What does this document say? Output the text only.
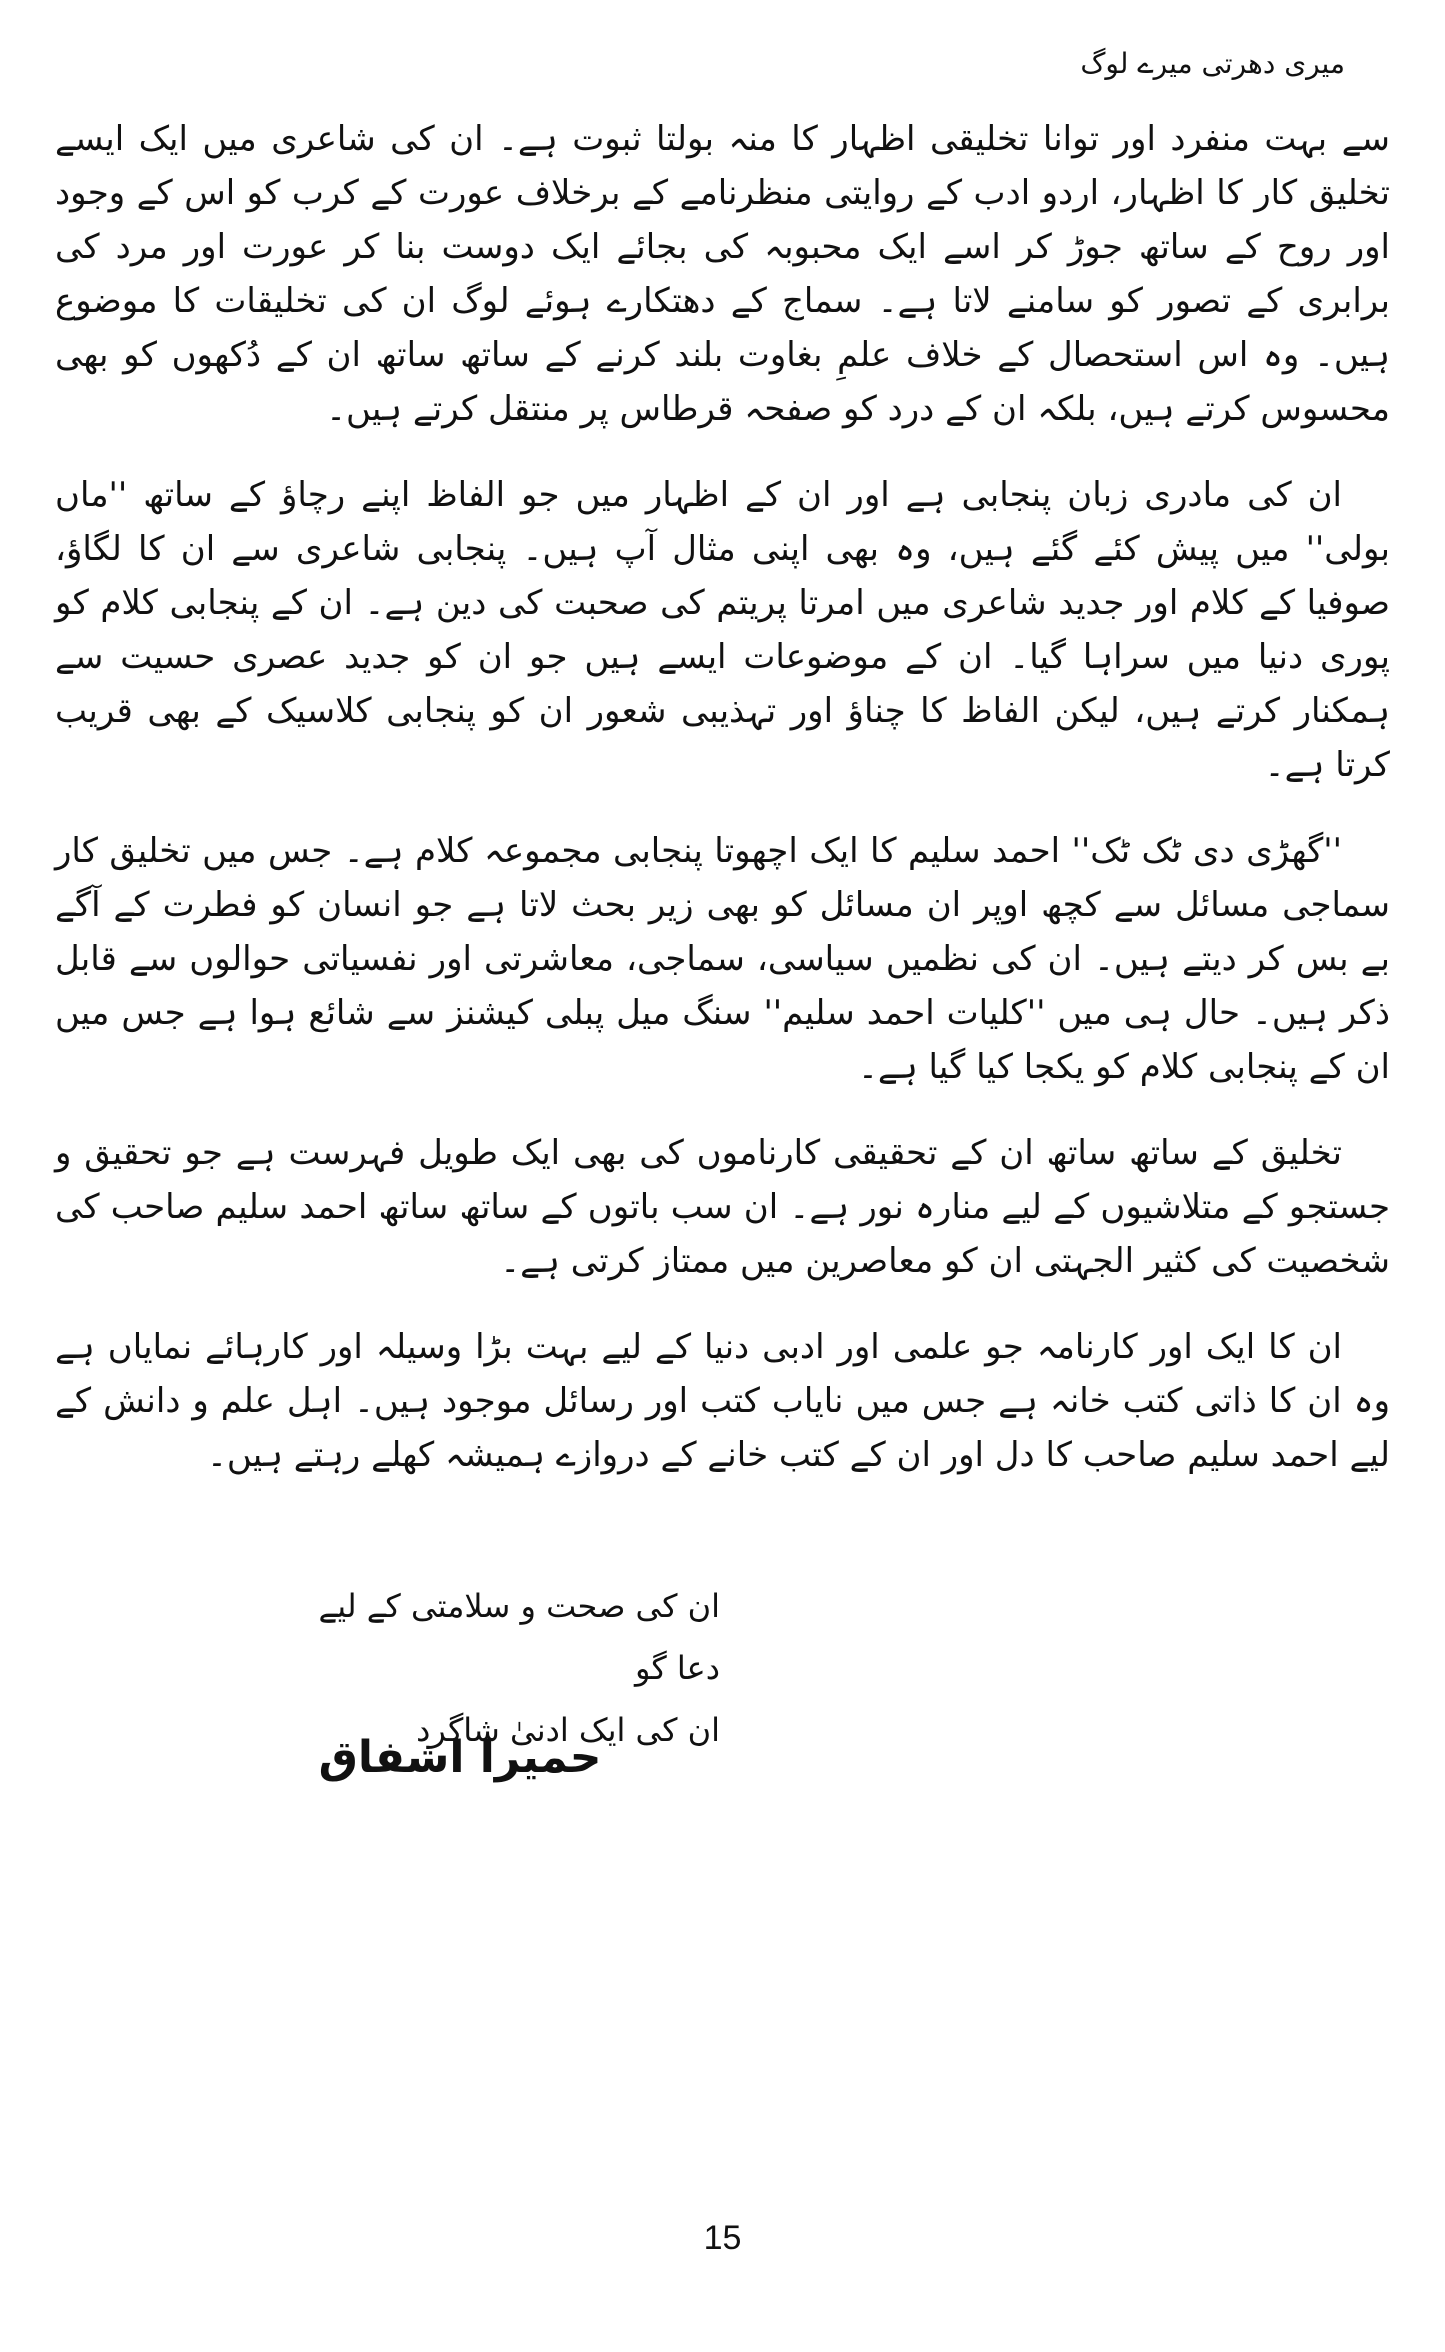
میری دھرتی میرے لوگ

سے بہت منفرد اور توانا تخلیقی اظہار کا منہ بولتا ثبوت ہے۔ ان کی شاعری میں ایک ایسے تخلیق کار کا اظہار، اردو ادب کے روایتی منظرنامے کے برخلاف عورت کے کرب کو اس کے وجود اور روح کے ساتھ جوڑ کر اسے ایک محبوبہ کی بجائے ایک دوست بنا کر عورت اور مرد کی برابری کے تصور کو سامنے لاتا ہے۔ سماج کے دھتکارے ہوئے لوگ ان کی تخلیقات کا موضوع ہیں۔ وہ اس استحصال کے خلاف علمِ بغاوت بلند کرنے کے ساتھ ساتھ ان کے دُکھوں کو بھی محسوس کرتے ہیں، بلکہ ان کے درد کو صفحہ قرطاس پر منتقل کرتے ہیں۔

ان کی مادری زبان پنجابی ہے اور ان کے اظہار میں جو الفاظ اپنے رچاؤ کے ساتھ ''ماں بولی'' میں پیش کئے گئے ہیں، وہ بھی اپنی مثال آپ ہیں۔ پنجابی شاعری سے ان کا لگاؤ، صوفیا کے کلام اور جدید شاعری میں امرتا پریتم کی صحبت کی دین ہے۔ ان کے پنجابی کلام کو پوری دنیا میں سراہا گیا۔ ان کے موضوعات ایسے ہیں جو ان کو جدید عصری حسیت سے ہمکنار کرتے ہیں، لیکن الفاظ کا چناؤ اور تہذیبی شعور ان کو پنجابی کلاسیک کے بھی قریب کرتا ہے۔

''گھڑی دی ٹک ٹک'' احمد سلیم کا ایک اچھوتا پنجابی مجموعہ کلام ہے۔ جس میں تخلیق کار سماجی مسائل سے کچھ اوپر ان مسائل کو بھی زیر بحث لاتا ہے جو انسان کو فطرت کے آگے بے بس کر دیتے ہیں۔ ان کی نظمیں سیاسی، سماجی، معاشرتی اور نفسیاتی حوالوں سے قابل ذکر ہیں۔ حال ہی میں ''کلیات احمد سلیم'' سنگ میل پبلی کیشنز سے شائع ہوا ہے جس میں ان کے پنجابی کلام کو یکجا کیا گیا ہے۔

تخلیق کے ساتھ ساتھ ان کے تحقیقی کارناموں کی بھی ایک طویل فہرست ہے جو تحقیق و جستجو کے متلاشیوں کے لیے منارہ نور ہے۔ ان سب باتوں کے ساتھ ساتھ احمد سلیم صاحب کی شخصیت کی کثیر الجہتی ان کو معاصرین میں ممتاز کرتی ہے۔

ان کا ایک اور کارنامہ جو علمی اور ادبی دنیا کے لیے بہت بڑا وسیلہ اور کارہائے نمایاں ہے وہ ان کا ذاتی کتب خانہ ہے جس میں نایاب کتب اور رسائل موجود ہیں۔ اہل علم و دانش کے لیے احمد سلیم صاحب کا دل اور ان کے کتب خانے کے دروازے ہمیشہ کھلے رہتے ہیں۔

ان کی صحت و سلامتی کے لیے دعا گو
ان کی ایک ادنیٰ شاگرد
حمیرا اشفاق
15
